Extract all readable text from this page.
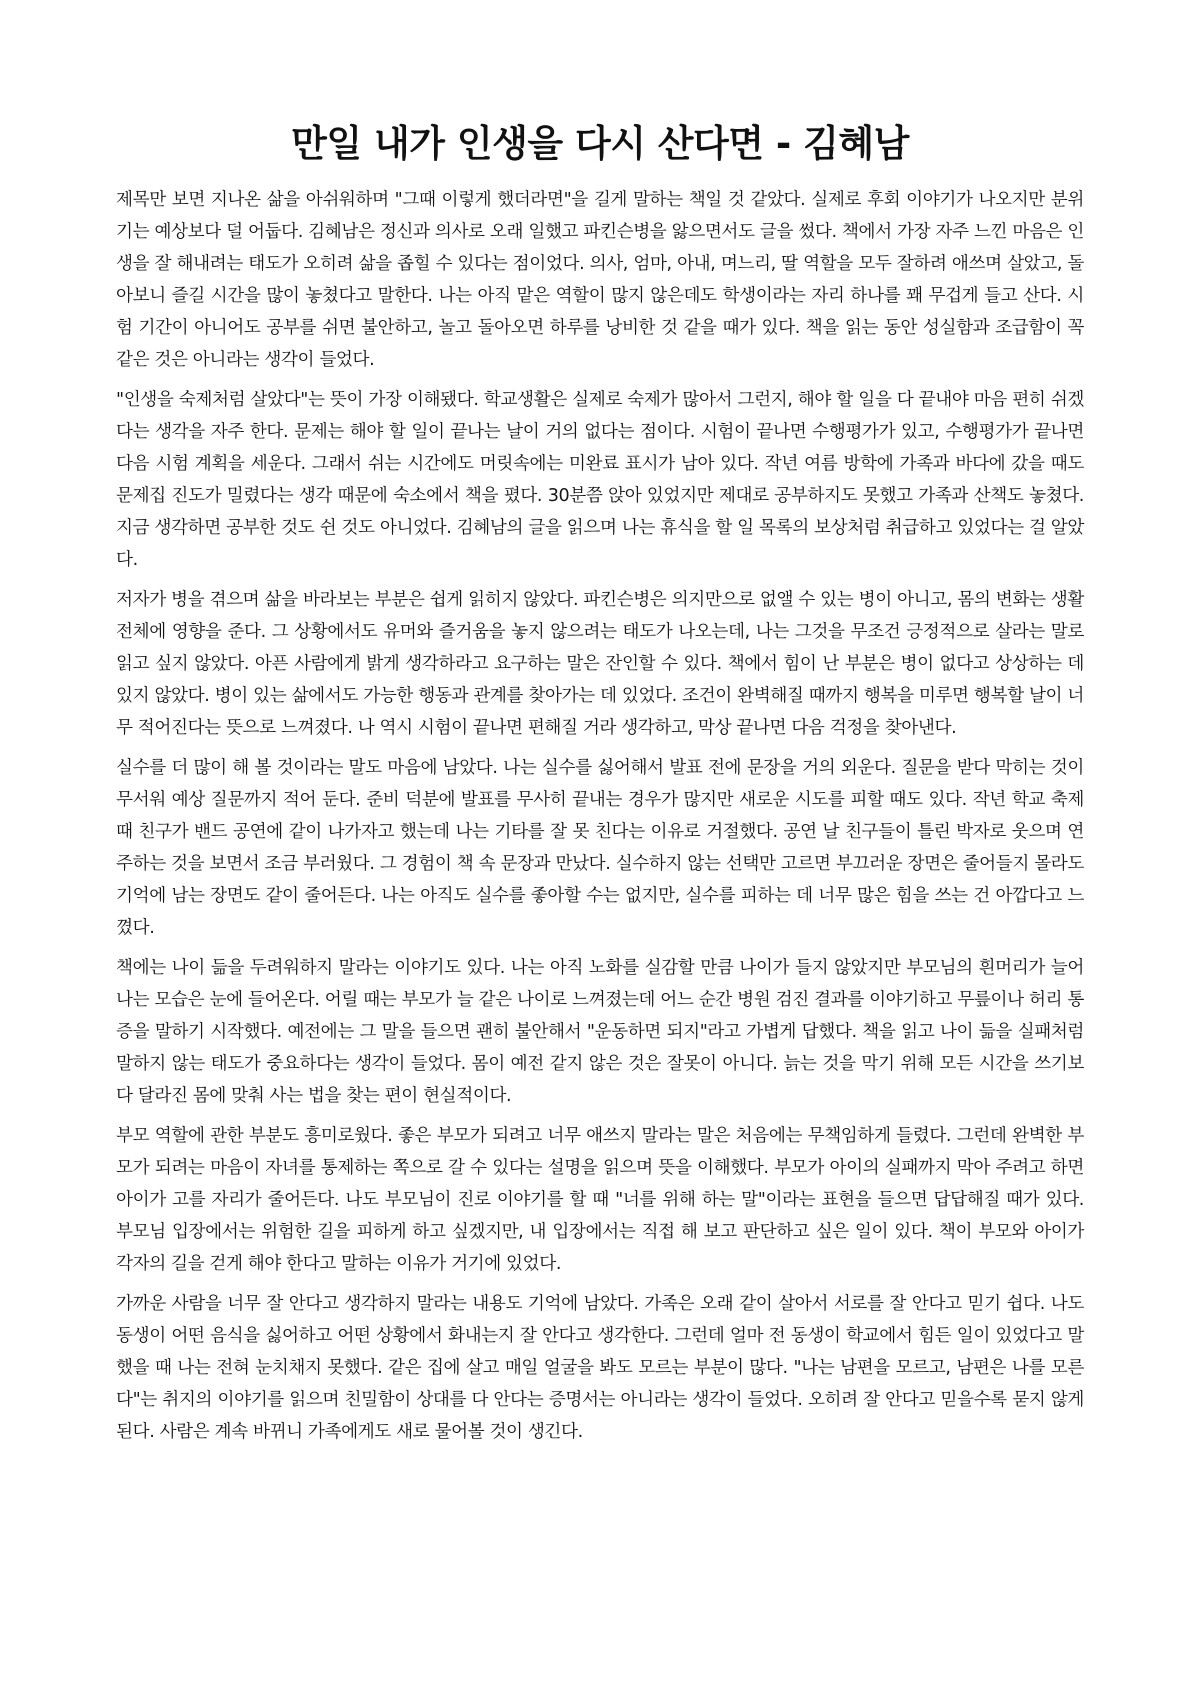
만일 내가 인생을 다시 산다면 - 김혜남

제목만 보면 지나온 삶을 아쉬워하며 "그때 이렇게 했더라면"을 길게 말하는 책일 것 같았다. 실제로 후회 이야기가 나오지만 분위기는 예상보다 덜 어둡다. 김혜남은 정신과 의사로 오래 일했고 파킨슨병을 앓으면서도 글을 썼다. 책에서 가장 자주 느낀 마음은 인생을 잘 해내려는 태도가 오히려 삶을 좁힐 수 있다는 점이었다. 의사, 엄마, 아내, 며느리, 딸 역할을 모두 잘하려 애쓰며 살았고, 돌아보니 즐길 시간을 많이 놓쳤다고 말한다. 나는 아직 맡은 역할이 많지 않은데도 학생이라는 자리 하나를 꽤 무겁게 들고 산다. 시험 기간이 아니어도 공부를 쉬면 불안하고, 놀고 돌아오면 하루를 낭비한 것 같을 때가 있다. 책을 읽는 동안 성실함과 조급함이 꼭 같은 것은 아니라는 생각이 들었다.

"인생을 숙제처럼 살았다"는 뜻이 가장 이해됐다. 학교생활은 실제로 숙제가 많아서 그런지, 해야 할 일을 다 끝내야 마음 편히 쉬겠다는 생각을 자주 한다. 문제는 해야 할 일이 끝나는 날이 거의 없다는 점이다. 시험이 끝나면 수행평가가 있고, 수행평가가 끝나면 다음 시험 계획을 세운다. 그래서 쉬는 시간에도 머릿속에는 미완료 표시가 남아 있다. 작년 여름 방학에 가족과 바다에 갔을 때도 문제집 진도가 밀렸다는 생각 때문에 숙소에서 책을 폈다. 30분쯤 앉아 있었지만 제대로 공부하지도 못했고 가족과 산책도 놓쳤다. 지금 생각하면 공부한 것도 쉰 것도 아니었다. 김혜남의 글을 읽으며 나는 휴식을 할 일 목록의 보상처럼 취급하고 있었다는 걸 알았다.

저자가 병을 겪으며 삶을 바라보는 부분은 쉽게 읽히지 않았다. 파킨슨병은 의지만으로 없앨 수 있는 병이 아니고, 몸의 변화는 생활 전체에 영향을 준다. 그 상황에서도 유머와 즐거움을 놓지 않으려는 태도가 나오는데, 나는 그것을 무조건 긍정적으로 살라는 말로 읽고 싶지 않았다. 아픈 사람에게 밝게 생각하라고 요구하는 말은 잔인할 수 있다. 책에서 힘이 난 부분은 병이 없다고 상상하는 데 있지 않았다. 병이 있는 삶에서도 가능한 행동과 관계를 찾아가는 데 있었다. 조건이 완벽해질 때까지 행복을 미루면 행복할 날이 너무 적어진다는 뜻으로 느껴졌다. 나 역시 시험이 끝나면 편해질 거라 생각하고, 막상 끝나면 다음 걱정을 찾아낸다.

실수를 더 많이 해 볼 것이라는 말도 마음에 남았다. 나는 실수를 싫어해서 발표 전에 문장을 거의 외운다. 질문을 받다 막히는 것이 무서워 예상 질문까지 적어 둔다. 준비 덕분에 발표를 무사히 끝내는 경우가 많지만 새로운 시도를 피할 때도 있다. 작년 학교 축제 때 친구가 밴드 공연에 같이 나가자고 했는데 나는 기타를 잘 못 친다는 이유로 거절했다. 공연 날 친구들이 틀린 박자로 웃으며 연주하는 것을 보면서 조금 부러웠다. 그 경험이 책 속 문장과 만났다. 실수하지 않는 선택만 고르면 부끄러운 장면은 줄어들지 몰라도 기억에 남는 장면도 같이 줄어든다. 나는 아직도 실수를 좋아할 수는 없지만, 실수를 피하는 데 너무 많은 힘을 쓰는 건 아깝다고 느꼈다.

책에는 나이 듦을 두려워하지 말라는 이야기도 있다. 나는 아직 노화를 실감할 만큼 나이가 들지 않았지만 부모님의 흰머리가 늘어나는 모습은 눈에 들어온다. 어릴 때는 부모가 늘 같은 나이로 느껴졌는데 어느 순간 병원 검진 결과를 이야기하고 무릎이나 허리 통증을 말하기 시작했다. 예전에는 그 말을 들으면 괜히 불안해서 "운동하면 되지"라고 가볍게 답했다. 책을 읽고 나이 듦을 실패처럼 말하지 않는 태도가 중요하다는 생각이 들었다. 몸이 예전 같지 않은 것은 잘못이 아니다. 늙는 것을 막기 위해 모든 시간을 쓰기보다 달라진 몸에 맞춰 사는 법을 찾는 편이 현실적이다.

부모 역할에 관한 부분도 흥미로웠다. 좋은 부모가 되려고 너무 애쓰지 말라는 말은 처음에는 무책임하게 들렸다. 그런데 완벽한 부모가 되려는 마음이 자녀를 통제하는 쪽으로 갈 수 있다는 설명을 읽으며 뜻을 이해했다. 부모가 아이의 실패까지 막아 주려고 하면 아이가 고를 자리가 줄어든다. 나도 부모님이 진로 이야기를 할 때 "너를 위해 하는 말"이라는 표현을 들으면 답답해질 때가 있다. 부모님 입장에서는 위험한 길을 피하게 하고 싶겠지만, 내 입장에서는 직접 해 보고 판단하고 싶은 일이 있다. 책이 부모와 아이가 각자의 길을 걷게 해야 한다고 말하는 이유가 거기에 있었다.

가까운 사람을 너무 잘 안다고 생각하지 말라는 내용도 기억에 남았다. 가족은 오래 같이 살아서 서로를 잘 안다고 믿기 쉽다. 나도 동생이 어떤 음식을 싫어하고 어떤 상황에서 화내는지 잘 안다고 생각한다. 그런데 얼마 전 동생이 학교에서 힘든 일이 있었다고 말했을 때 나는 전혀 눈치채지 못했다. 같은 집에 살고 매일 얼굴을 봐도 모르는 부분이 많다. "나는 남편을 모르고, 남편은 나를 모른다"는 취지의 이야기를 읽으며 친밀함이 상대를 다 안다는 증명서는 아니라는 생각이 들었다. 오히려 잘 안다고 믿을수록 묻지 않게 된다. 사람은 계속 바뀌니 가족에게도 새로 물어볼 것이 생긴다.
